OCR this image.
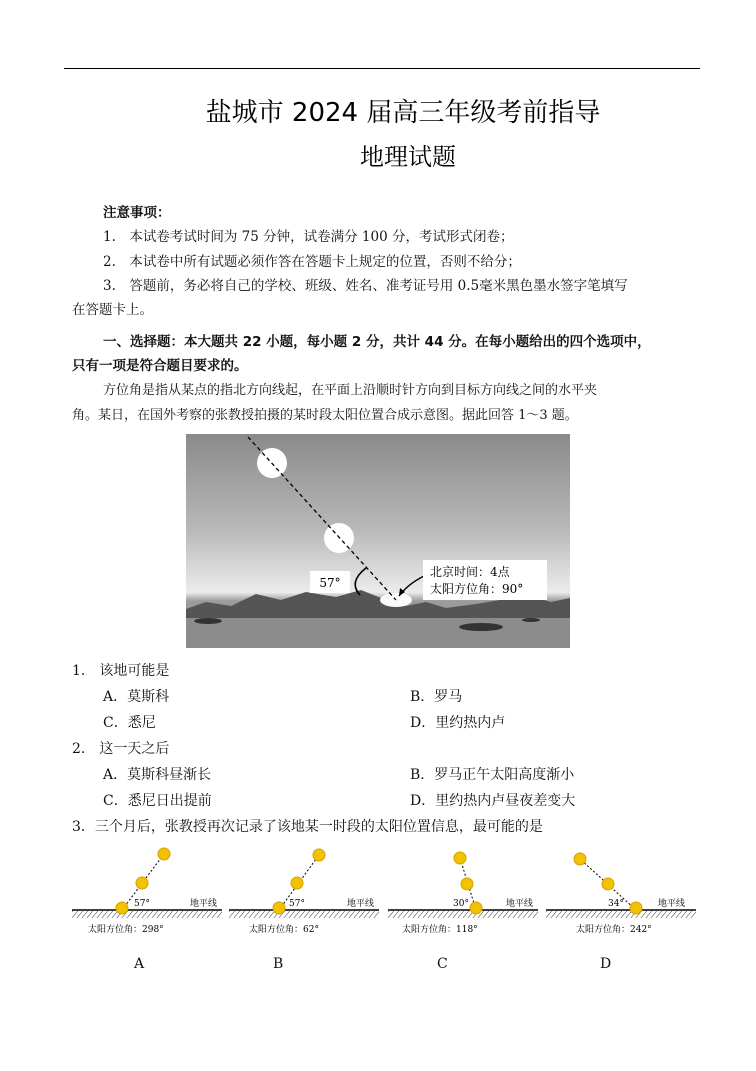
盐城市 2024 届高三年级考前指导
地理试题
注意事项：
1.　本试卷考试时间为 75 分钟，试卷满分 100 分，考试形式闭卷；
2.　本试卷中所有试题必须作答在答题卡上规定的位置，否则不给分；
3.　答题前，务必将自己的学校、班级、姓名、准考证号用 0.5毫米黑色墨水签字笔填写
在答题卡上。
一、选择题：本大题共 22 小题，每小题 2 分，共计 44 分。在每小题给出的四个选项中，
只有一项是符合题目要求的。
方位角是指从某点的指北方向线起，在平面上沿顺时针方向到目标方向线之间的水平夹
角。某日，在国外考察的张教授拍摄的某时段太阳位置合成示意图。据此回答 1～3 题。
57°
北京时间：4点
太阳方位角：90°
1.　该地可能是
A．莫斯科	B．罗马
C．悉尼	D．里约热内卢
2.　这一天之后
A．莫斯科昼渐长	B．罗马正午太阳高度渐小
C．悉尼日出提前	D．里约热内卢昼夜差变大
3．三个月后，张教授再次记录了该地某一时段的太阳位置信息，最可能的是
57°	地平线
太阳方位角：298°
A
57°	地平线
太阳方位角：62°
B
30°	地平线
太阳方位角：118°
C
34°	地平线
太阳方位角：242°
D
